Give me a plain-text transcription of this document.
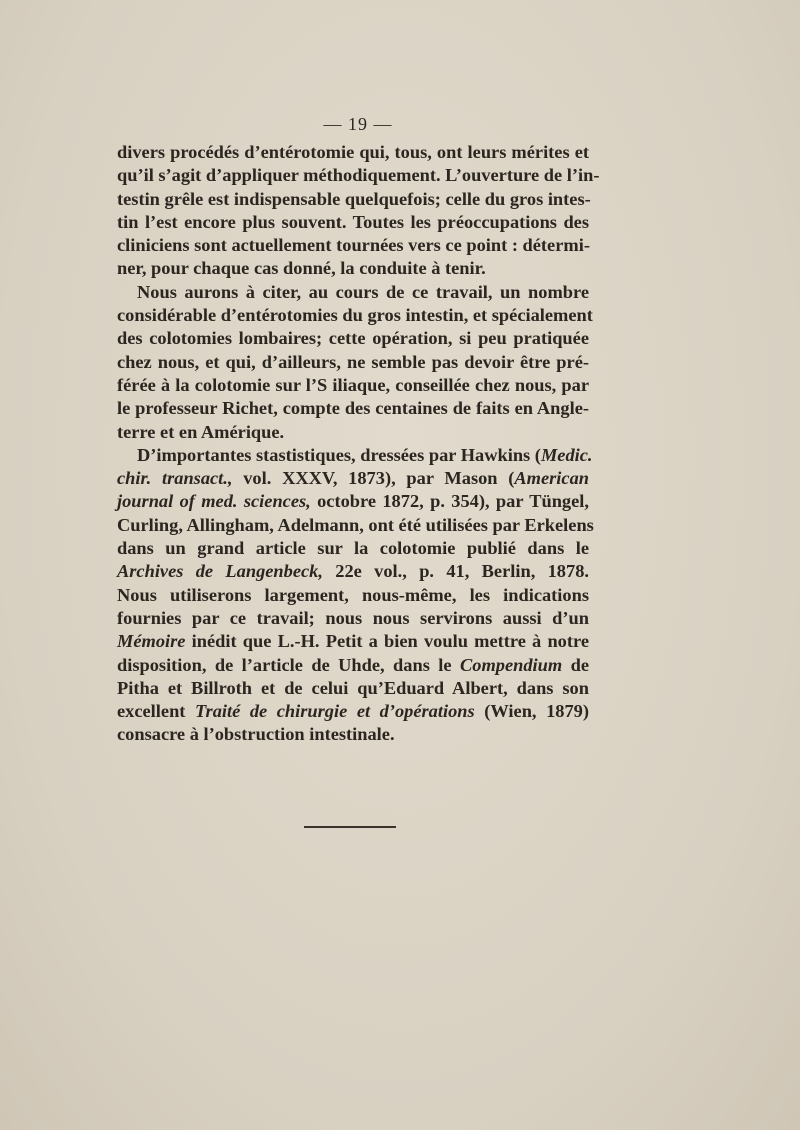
— 19 —
divers procédés d’entérotomie qui, tous, ont leurs mérites et
qu’il s’agit d’appliquer méthodiquement. L’ouverture de l’in-
testin grêle est indispensable quelquefois; celle du gros intes-
tin l’est encore plus souvent. Toutes les préoccupations des
cliniciens sont actuellement tournées vers ce point : détermi-
ner, pour chaque cas donné, la conduite à tenir.
Nous aurons à citer, au cours de ce travail, un nombre
considérable d’entérotomies du gros intestin, et spécialement
des colotomies lombaires; cette opération, si peu pratiquée
chez nous, et qui, d’ailleurs, ne semble pas devoir être pré-
férée à la colotomie sur l’S iliaque, conseillée chez nous, par
le professeur Richet, compte des centaines de faits en Angle-
terre et en Amérique.
D’importantes stastistiques, dressées par Hawkins (Medic.
chir. transact., vol. XXXV, 1873), par Mason (American
journal of med. sciences, octobre 1872, p. 354), par Tüngel,
Curling, Allingham, Adelmann, ont été utilisées par Erkelens
dans un grand article sur la colotomie publié dans le
Archives de Langenbeck, 22e vol., p. 41, Berlin, 1878.
Nous utiliserons largement, nous-même, les indications
fournies par ce travail; nous nous servirons aussi d’un
Mémoire inédit que L.-H. Petit a bien voulu mettre à notre
disposition, de l’article de Uhde, dans le Compendium de
Pitha et Billroth et de celui qu’Eduard Albert, dans son
excellent Traité de chirurgie et d’opérations (Wien, 1879)
consacre à l’obstruction intestinale.
